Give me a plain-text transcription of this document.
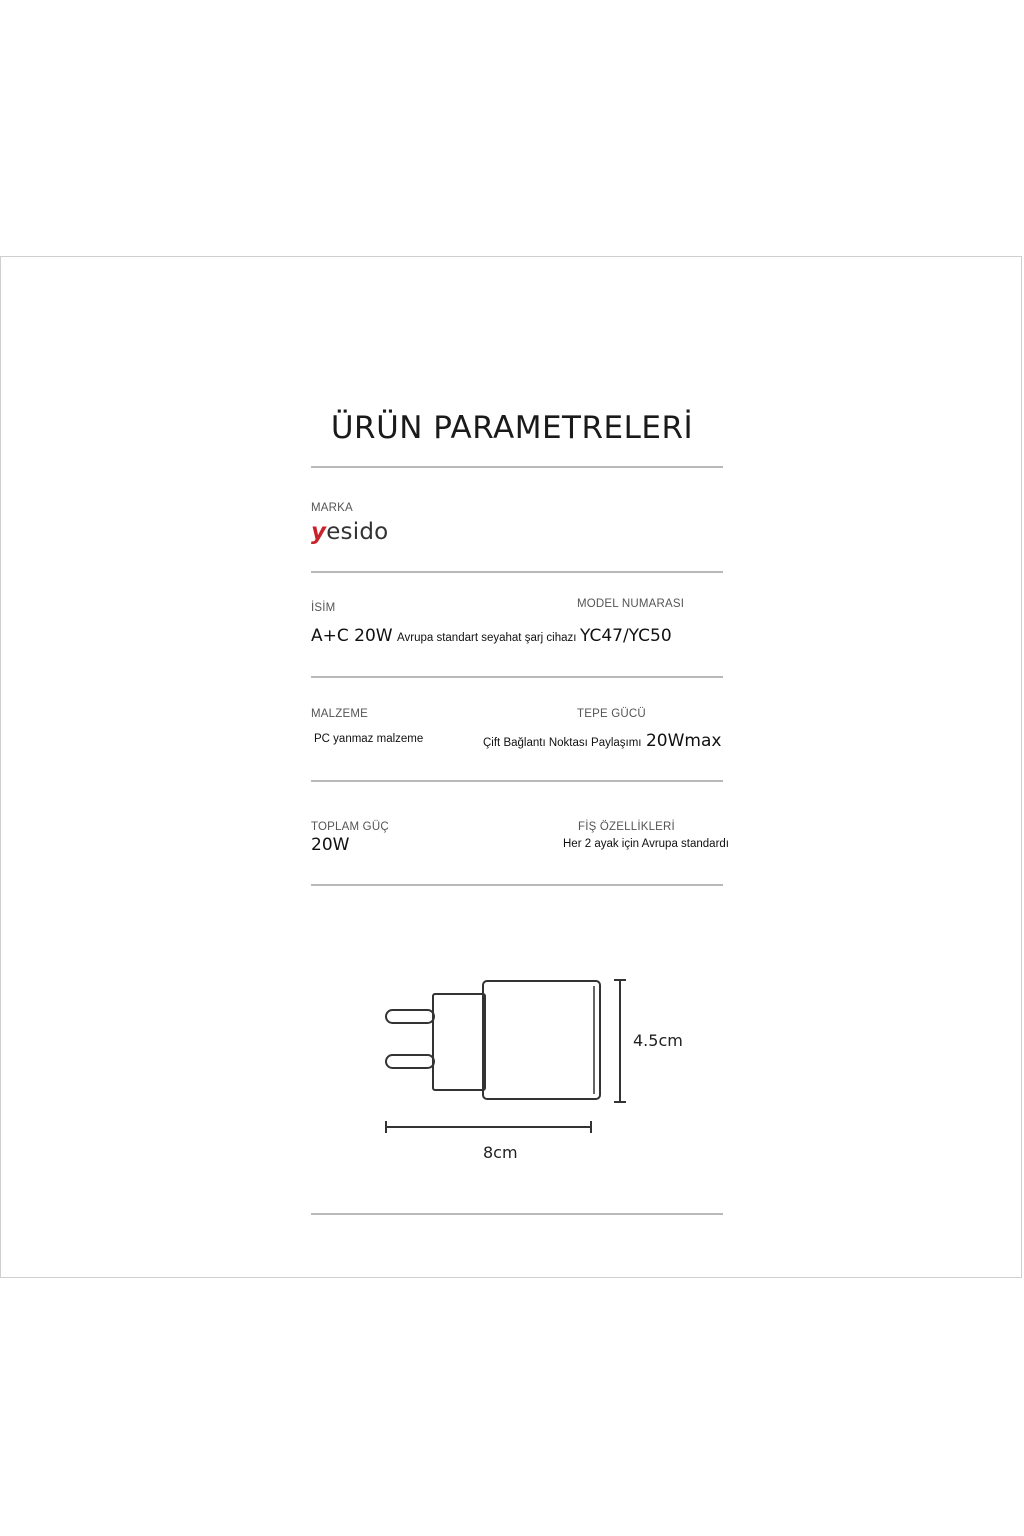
ÜRÜN PARAMETRELERİ
MARKA
yesido
İSİM
A+C 20W Avrupa standart seyahat şarj cihazı
MODEL NUMARASI
YC47/YC50
MALZEME
PC yanmaz malzeme
TEPE GÜCÜ
Çift Bağlantı Noktası Paylaşımı 20Wmax
TOPLAM GÜÇ
20W
FİŞ ÖZELLİKLERİ
Her 2 ayak için Avrupa standardı
4.5cm
8cm
